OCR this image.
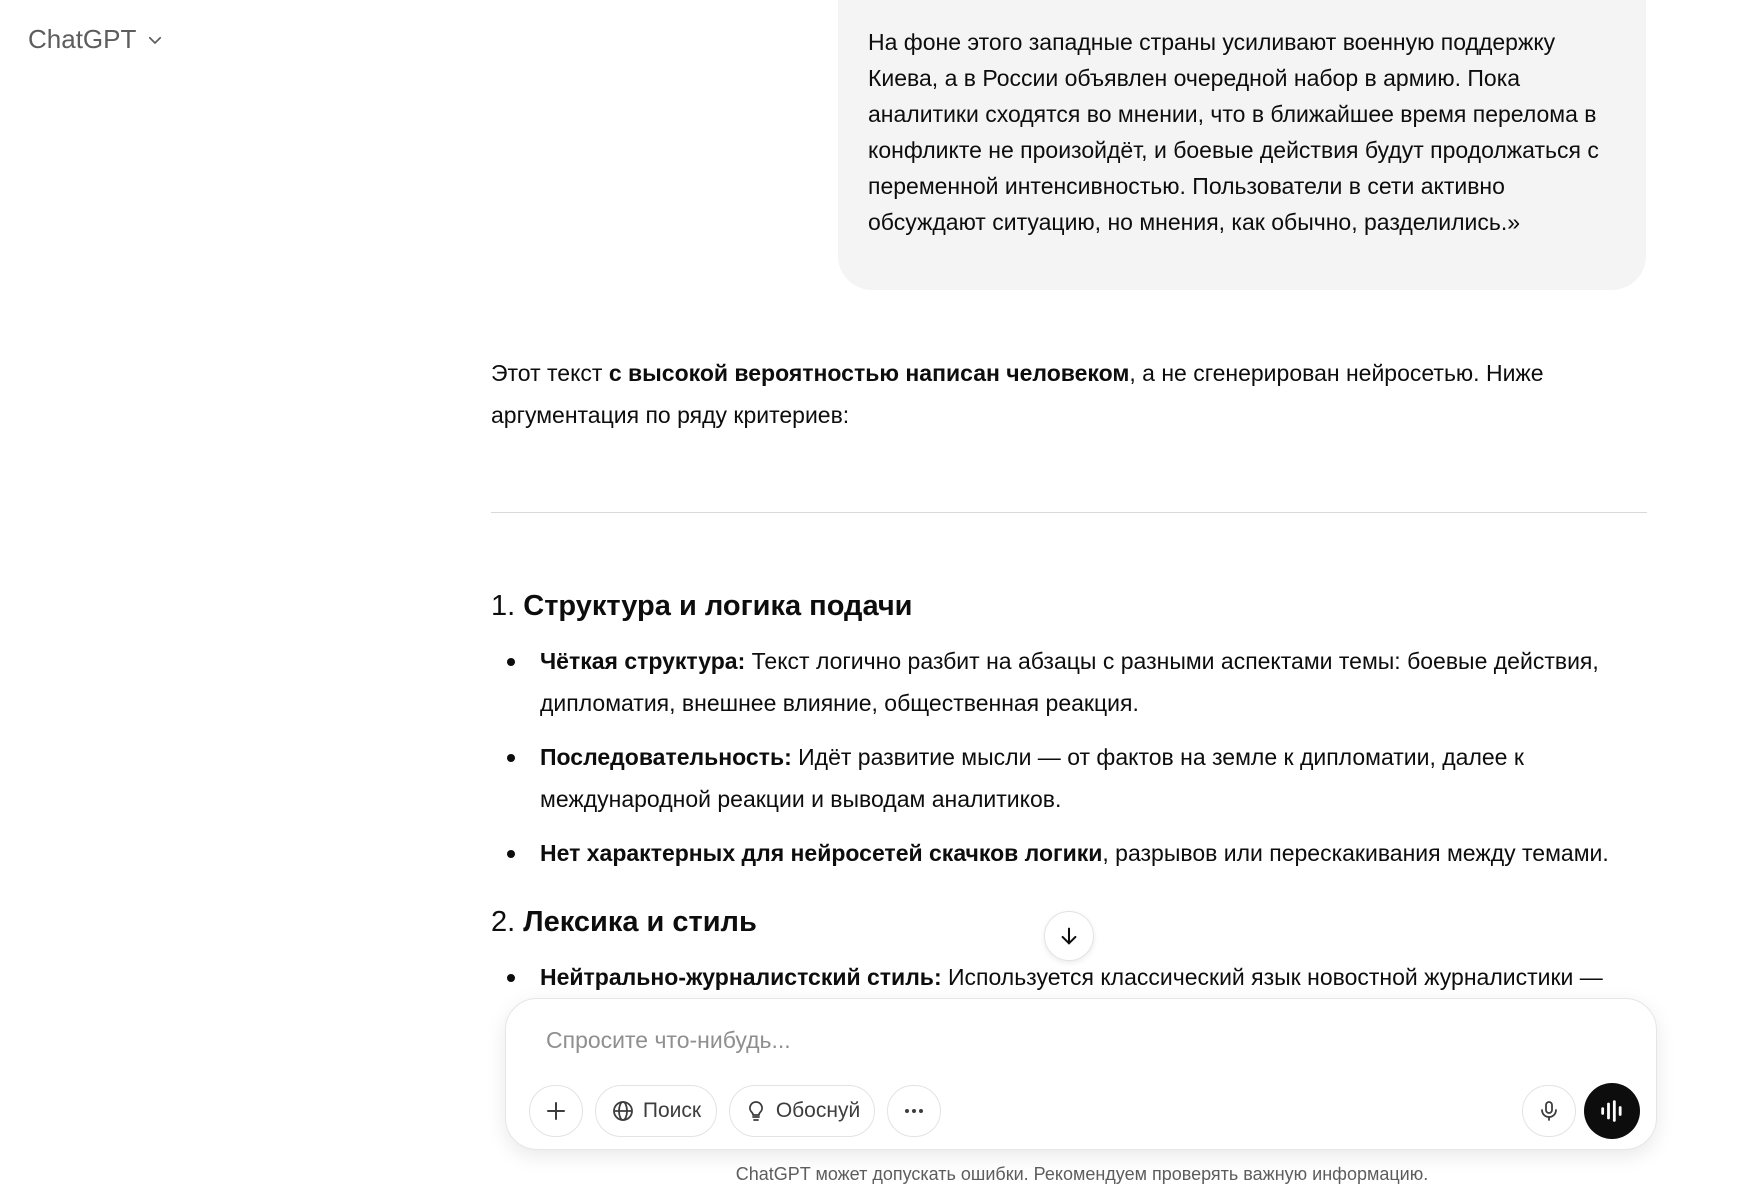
ChatGPT	На фоне этого западные страны усиливают военную поддержку Киева, а в России объявлен очередной набор в армию. Пока аналитики сходятся во мнении, что в ближайшее время перелома в конфликте не произойдёт, и боевые действия будут продолжаться с переменной интенсивностью. Пользователи в сети активно обсуждают ситуацию, но мнения, как обычно, разделились.»

Этот текст с высокой вероятностью написан человеком, а не сгенерирован нейросетью. Ниже аргументация по ряду критериев:

1. Структура и логика подачи
Чёткая структура: Текст логично разбит на абзацы с разными аспектами темы: боевые действия, дипломатия, внешнее влияние, общественная реакция.
Последовательность: Идёт развитие мысли — от фактов на земле к дипломатии, далее к международной реакции и выводам аналитиков.
Нет характерных для нейросетей скачков логики, разрывов или перескакивания между темами.
2. Лексика и стиль
Нейтрально-журналистский стиль: Используется классический язык новостной журналистики —
Спросите что-нибудь...
Поиск	Обоснуй
ChatGPT может допускать ошибки. Рекомендуем проверять важную информацию.
